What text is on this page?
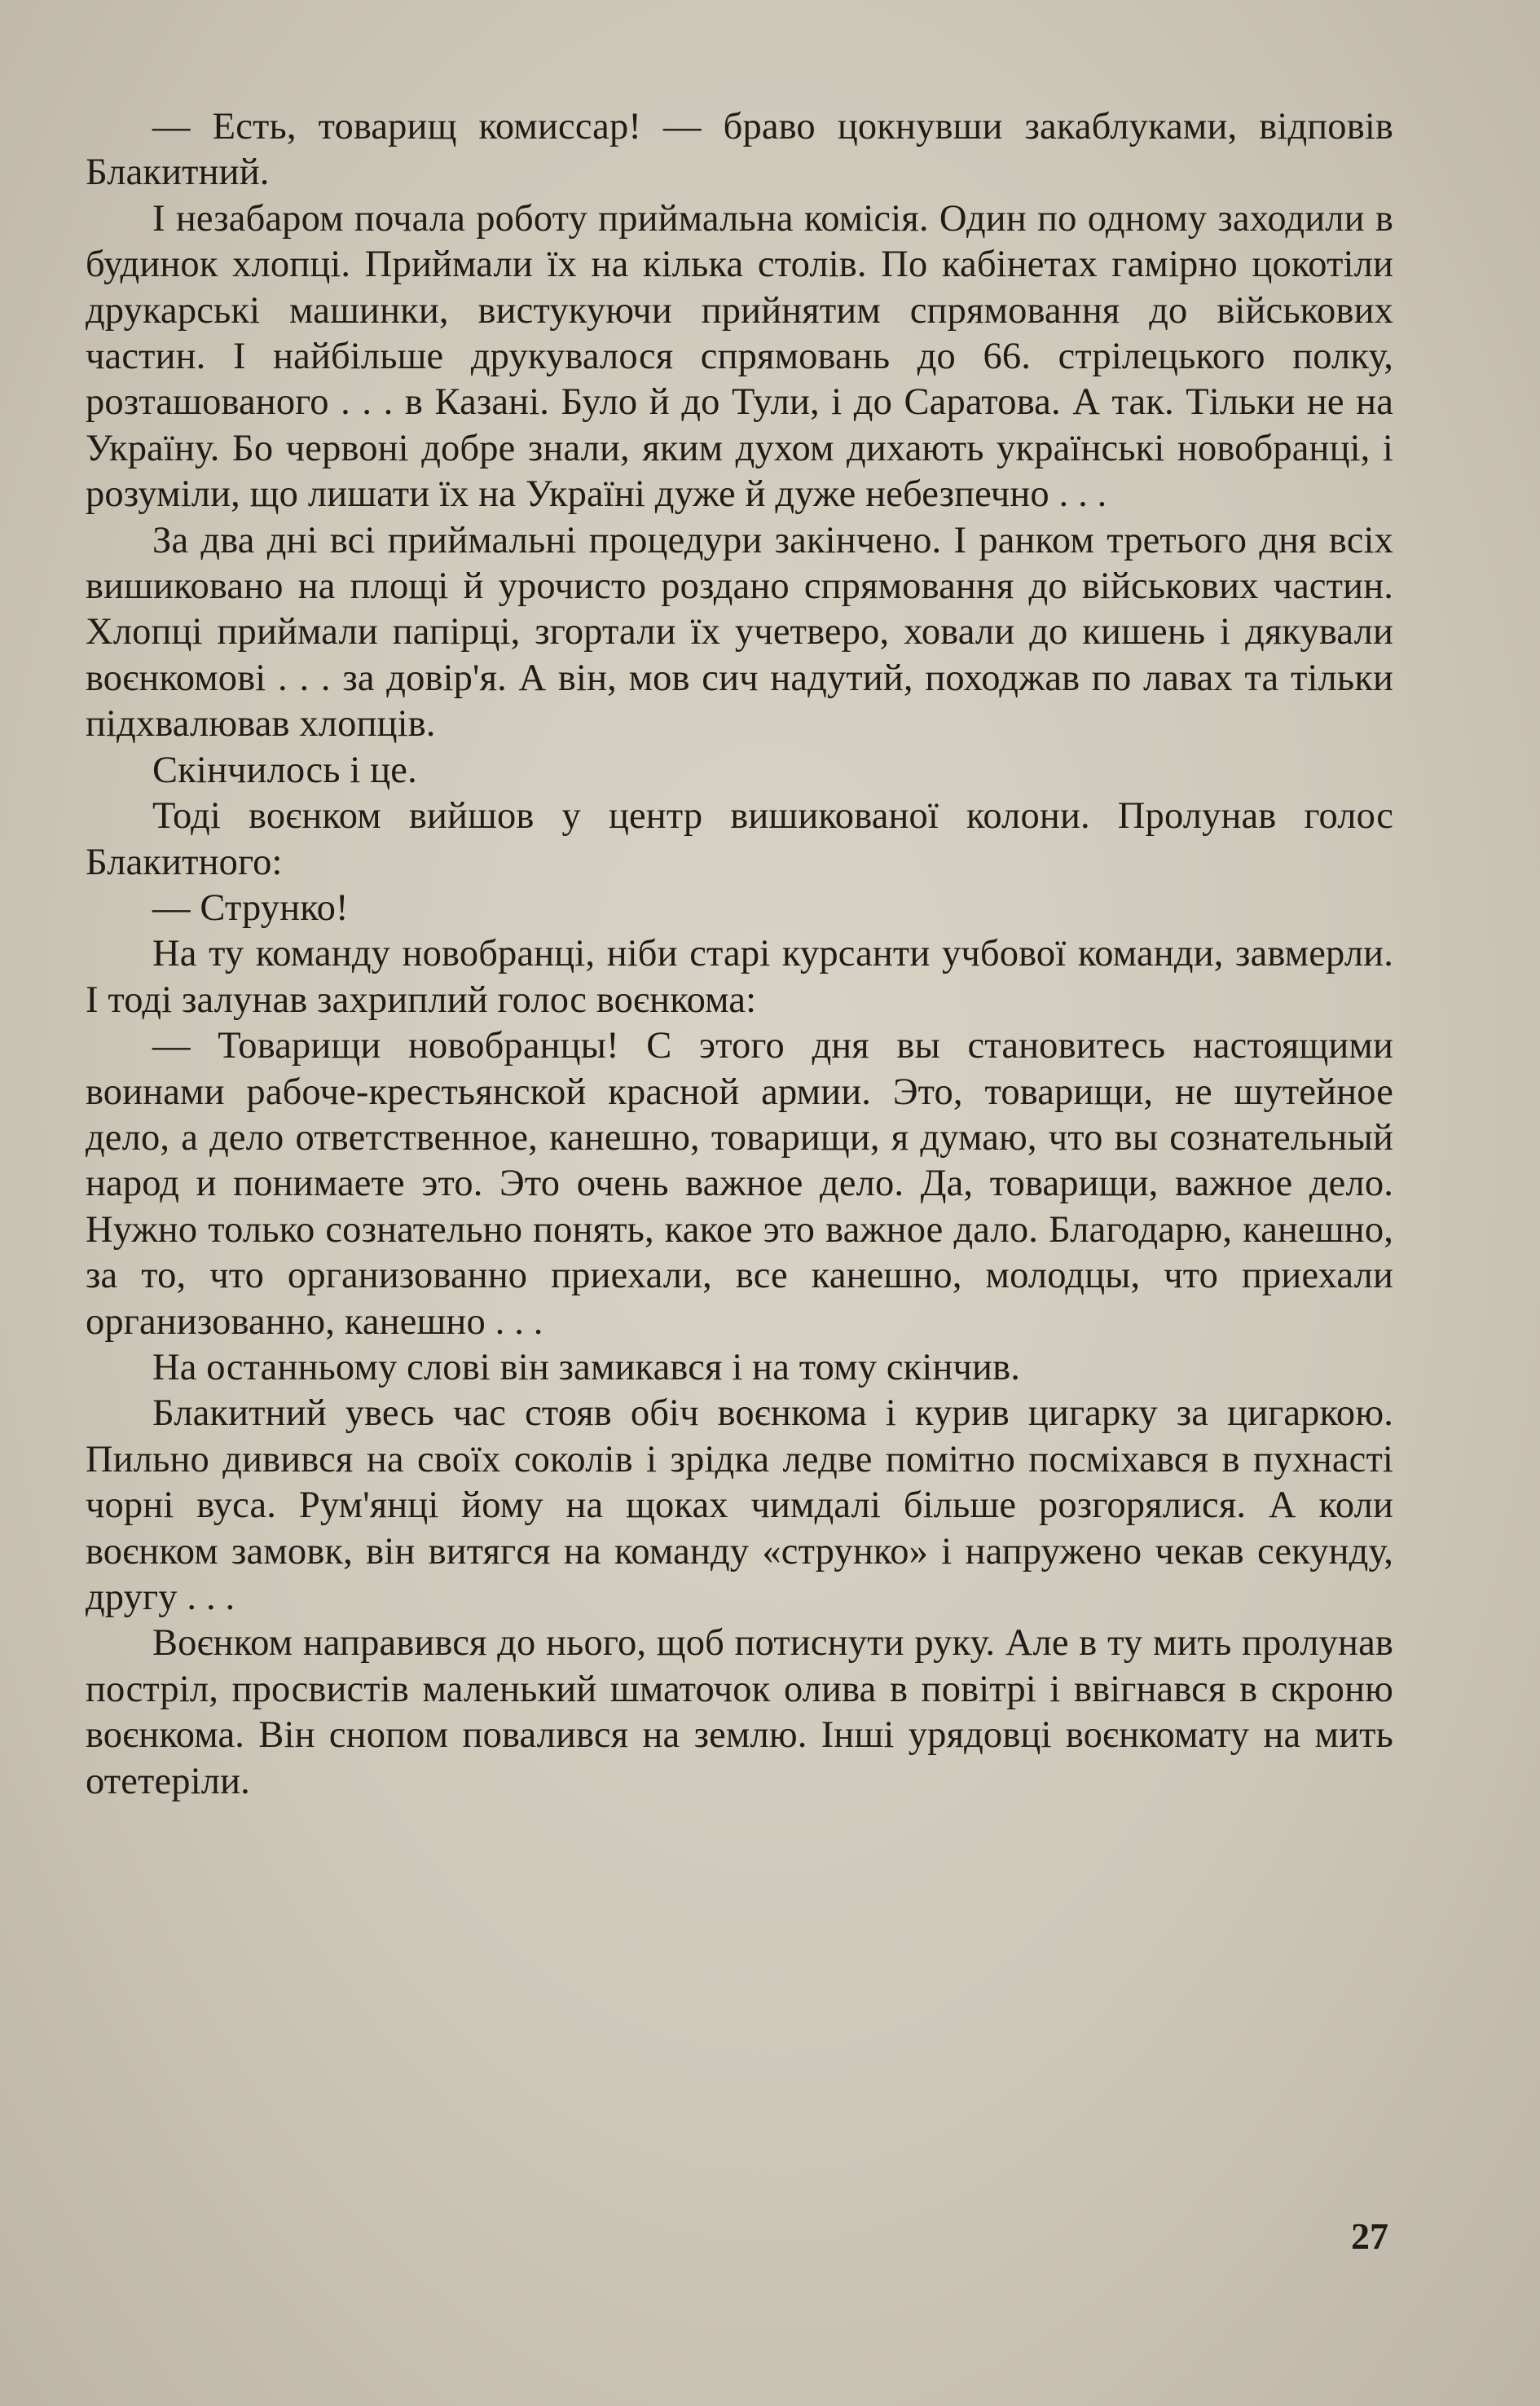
— Есть, товарищ комиссар! — браво цокнувши закаблуками, відповів Блакитний.

І незабаром почала роботу приймальна комісія. Один по одному заходили в будинок хлопці. Приймали їх на кілька столів. По кабінетах гамірно цокотіли друкарські машинки, вистукуючи прийнятим спрямовання до військових частин. І найбільше друкувалося спрямовань до 66. стрілецького полку, розташованого . . . в Казані. Було й до Тули, і до Саратова. А так. Тільки не на Україну. Бо червоні добре знали, яким духом дихають українські новобранці, і розуміли, що лишати їх на Україні дуже й дуже небезпечно . . .

За два дні всі приймальні процедури закінчено. І ранком третього дня всіх вишиковано на площі й урочисто роздано спрямовання до військових частин. Хлопці приймали папірці, згортали їх учетверо, ховали до кишень і дякували воєнкомові . . . за довір'я. А він, мов сич надутий, походжав по лавах та тільки підхвалював хлопців.

Скінчилось і це.

Тоді воєнком вийшов у центр вишикованої колони. Пролунав голос Блакитного:

— Струнко!

На ту команду новобранці, ніби старі курсанти учбової команди, завмерли. І тоді залунав захриплий голос воєнкома:

— Товарищи новобранцы! С этого дня вы становитесь настоящими воинами рабоче-крестьянской красной армии. Это, товарищи, не шутейное дело, а дело ответственное, канешно, товарищи, я думаю, что вы сознательный народ и понимаете это. Это очень важное дело. Да, товарищи, важное дело. Нужно только сознательно понять, какое это важное дало. Благодарю, канешно, за то, что организованно приехали, все канешно, молодцы, что приехали организованно, канешно . . .

На останньому слові він замикався і на тому скінчив.

Блакитний увесь час стояв обіч воєнкома і курив цигарку за цигаркою. Пильно дивився на своїх соколів і зрідка ледве помітно посміхався в пухнасті чорні вуса. Рум'янці йому на щоках чимдалі більше розгорялися. А коли воєнком замовк, він витягся на команду «струнко» і напружено чекав секунду, другу . . .

Воєнком направився до нього, щоб потиснути руку. Але в ту мить пролунав постріл, просвистів маленький шматочок олива в повітрі і ввігнався в скроню воєнкома. Він снопом повалився на землю. Інші урядовці воєнкомату на мить отетеріли.

27
